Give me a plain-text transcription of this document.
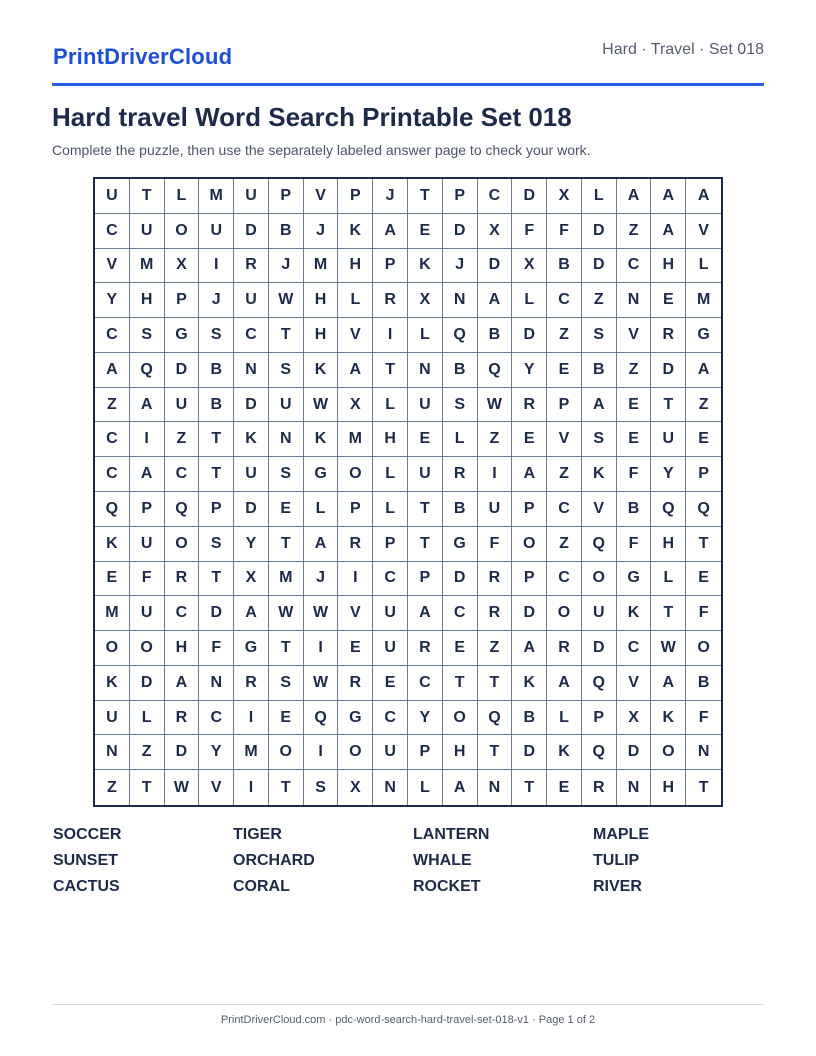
PrintDriverCloud	Hard · Travel · Set 018
Hard travel Word Search Printable Set 018
Complete the puzzle, then use the separately labeled answer page to check your work.
U	T	L	M	U	P	V	P	J	T	P	C	D	X	L	A	A	A
C	U	O	U	D	B	J	K	A	E	D	X	F	F	D	Z	A	V
V	M	X	I	R	J	M	H	P	K	J	D	X	B	D	C	H	L
Y	H	P	J	U	W	H	L	R	X	N	A	L	C	Z	N	E	M
C	S	G	S	C	T	H	V	I	L	Q	B	D	Z	S	V	R	G
A	Q	D	B	N	S	K	A	T	N	B	Q	Y	E	B	Z	D	A
Z	A	U	B	D	U	W	X	L	U	S	W	R	P	A	E	T	Z
C	I	Z	T	K	N	K	M	H	E	L	Z	E	V	S	E	U	E
C	A	C	T	U	S	G	O	L	U	R	I	A	Z	K	F	Y	P
Q	P	Q	P	D	E	L	P	L	T	B	U	P	C	V	B	Q	Q
K	U	O	S	Y	T	A	R	P	T	G	F	O	Z	Q	F	H	T
E	F	R	T	X	M	J	I	C	P	D	R	P	C	O	G	L	E
M	U	C	D	A	W	W	V	U	A	C	R	D	O	U	K	T	F
O	O	H	F	G	T	I	E	U	R	E	Z	A	R	D	C	W	O
K	D	A	N	R	S	W	R	E	C	T	T	K	A	Q	V	A	B
U	L	R	C	I	E	Q	G	C	Y	O	Q	B	L	P	X	K	F
N	Z	D	Y	M	O	I	O	U	P	H	T	D	K	Q	D	O	N
Z	T	W	V	I	T	S	X	N	L	A	N	T	E	R	N	H	T
SOCCER	TIGER	LANTERN	MAPLE
SUNSET	ORCHARD	WHALE	TULIP
CACTUS	CORAL	ROCKET	RIVER
PrintDriverCloud.com · pdc-word-search-hard-travel-set-018-v1 · Page 1 of 2
